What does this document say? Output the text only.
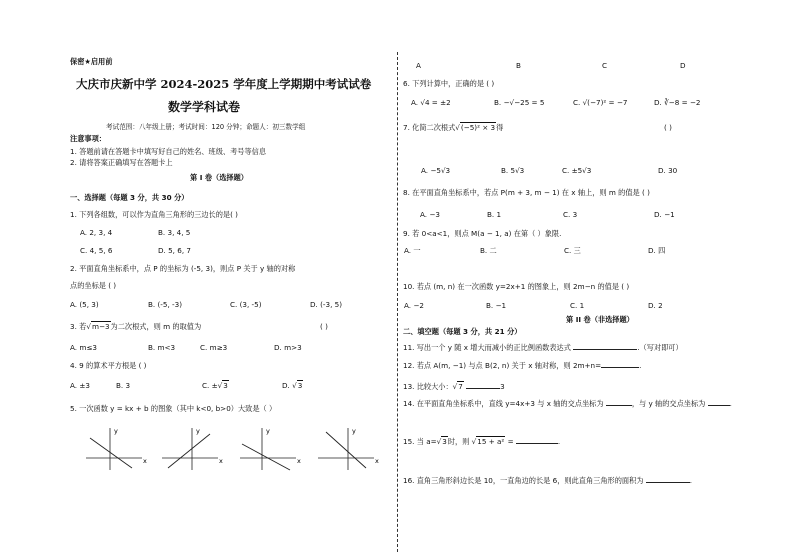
保密★启用前
大庆市庆新中学 2024-2025 学年度上学期期中考试试卷
数学学科试卷
考试范围：八年级上册；考试时间：120 分钟；命题人：初三数学组
注意事项：
1. 答题前请在答题卡中填写好自己的姓名、班级、考号等信息
2. 请将答案正确填写在答题卡上
第 I 卷（选择题）
一、选择题（每题 3 分，共 30 分）
1. 下列各组数，可以作为直角三角形的三边长的是( )
A. 2, 3, 4	B. 3, 4, 5
C. 4, 5, 6	D. 5, 6, 7
2. 平面直角坐标系中，点 P 的坐标为 (-5, 3)，则点 P 关于 y 轴的对称
点的坐标是 ( )
A. (5, 3)	B. (-5, -3)	C. (3, -5)	D. (-3, 5)
3. 若√m−3为二次根式，则 m 的取值为	( )
A. m≤3	B. m<3	C. m≥3	D. m>3
4. 9 的算术平方根是 ( )
A. ±3	B. 3	C. ±√3	D. √3
5. 一次函数 y = kx + b 的图象（其中 k<0, b>0）大致是（ ）
y
x
y
x
y
x
y
x
A	B	C	D
6. 下列计算中，正确的是 ( )
A. √4 = ±2	B. −√−25 = 5	C. √(−7)² = −7	D. ∛−8 = −2
7. 化简二次根式√(−5)² × 3得	( )
A. −5√3	B. 5√3	C. ±5√3	D. 30
8. 在平面直角坐标系中，若点 P(m + 3, m − 1) 在 x 轴上，则 m 的值是 ( )
A. −3	B. 1	C. 3	D. −1
9. 若 0<a<1，则点 M(a − 1, a) 在第（ ）象限.
A. 一	B. 二	C. 三	D. 四
10. 若点 (m, n) 在一次函数 y=2x+1 的图象上，则 2m−n 的值是 ( )
A. −2	B. −1	C. 1	D. 2
第 II 卷（非选择题）
二、填空题（每题 3 分，共 21 分）
11. 写出一个 y 随 x 增大而减小的正比例函数表达式	.（写对即可）
12. 若点 A(m, −1) 与点 B(2, n) 关于 x 轴对称，则 2m+n=	.
13. 比较大小：√7	3
14. 在平面直角坐标系中，直线 y=4x+3 与 x 轴的交点坐标为	，与 y 轴的交点坐标为	.
15. 当 a=√3时，则 √15 + a² =	.
16. 直角三角形斜边长是 10，一直角边的长是 6，则此直角三角形的面积为	.
